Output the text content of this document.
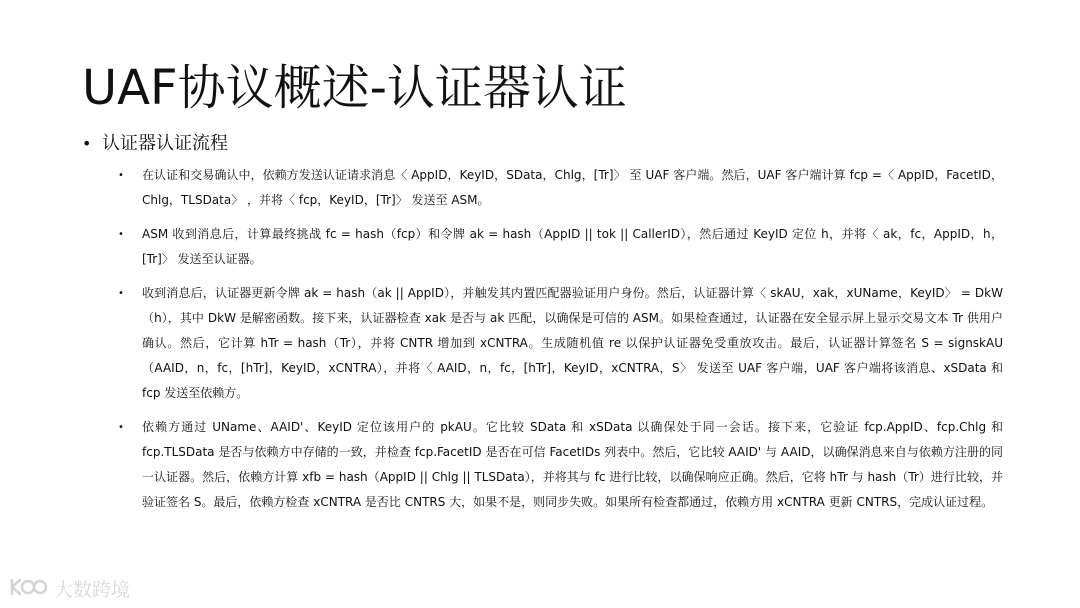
UAF协议概述-认证器认证
• 认证器认证流程
•	在认证和交易确认中，依赖方发送认证请求消息〈 AppID，KeyID，SData，Chlg，[Tr]〉 至 UAF 客户端。然后，UAF 客户端计算 fcp =〈 AppID，FacetID，Chlg，TLSData〉 ，并将〈 fcp，KeyID，[Tr]〉 发送至 ASM。
•	ASM 收到消息后，计算最终挑战 fc = hash（fcp）和令牌 ak = hash（AppID || tok || CallerID），然后通过 KeyID 定位 h，并将〈 ak，fc，AppID，h，[Tr]〉 发送至认证器。
•	收到消息后，认证器更新令牌 ak = hash（ak || AppID），并触发其内置匹配器验证用户身份。然后，认证器计算〈 skAU，xak，xUName，KeyID〉 = DkW（h），其中 DkW 是解密函数。接下来，认证器检查 xak 是否与 ak 匹配，以确保是可信的 ASM。如果检查通过，认证器在安全显示屏上显示交易文本 Tr 供用户确认。然后，它计算 hTr = hash（Tr），并将 CNTR 增加到 xCNTRA。生成随机值 re 以保护认证器免受重放攻击。最后，认证器计算签名 S = signskAU（AAID，n，fc，[hTr]，KeyID，xCNTRA），并将〈 AAID，n，fc，[hTr]，KeyID，xCNTRA，S〉 发送至 UAF 客户端，UAF 客户端将该消息、xSData 和 fcp 发送至依赖方。
•	依赖方通过 UName、AAID'、KeyID 定位该用户的 pkAU。它比较 SData 和 xSData 以确保处于同一会话。接下来，它验证 fcp.AppID、fcp.Chlg 和 fcp.TLSData 是否与依赖方中存储的一致，并检查 fcp.FacetID 是否在可信 FacetIDs 列表中。然后，它比较 AAID' 与 AAID，以确保消息来自与依赖方注册的同一认证器。然后，依赖方计算 xfb = hash（AppID || Chlg || TLSData），并将其与 fc 进行比较，以确保响应正确。然后，它将 hTr 与 hash（Tr）进行比较，并验证签名 S。最后，依赖方检查 xCNTRA 是否比 CNTRS 大，如果不是，则同步失败。如果所有检查都通过，依赖方用 xCNTRA 更新 CNTRS，完成认证过程。
大数跨境
